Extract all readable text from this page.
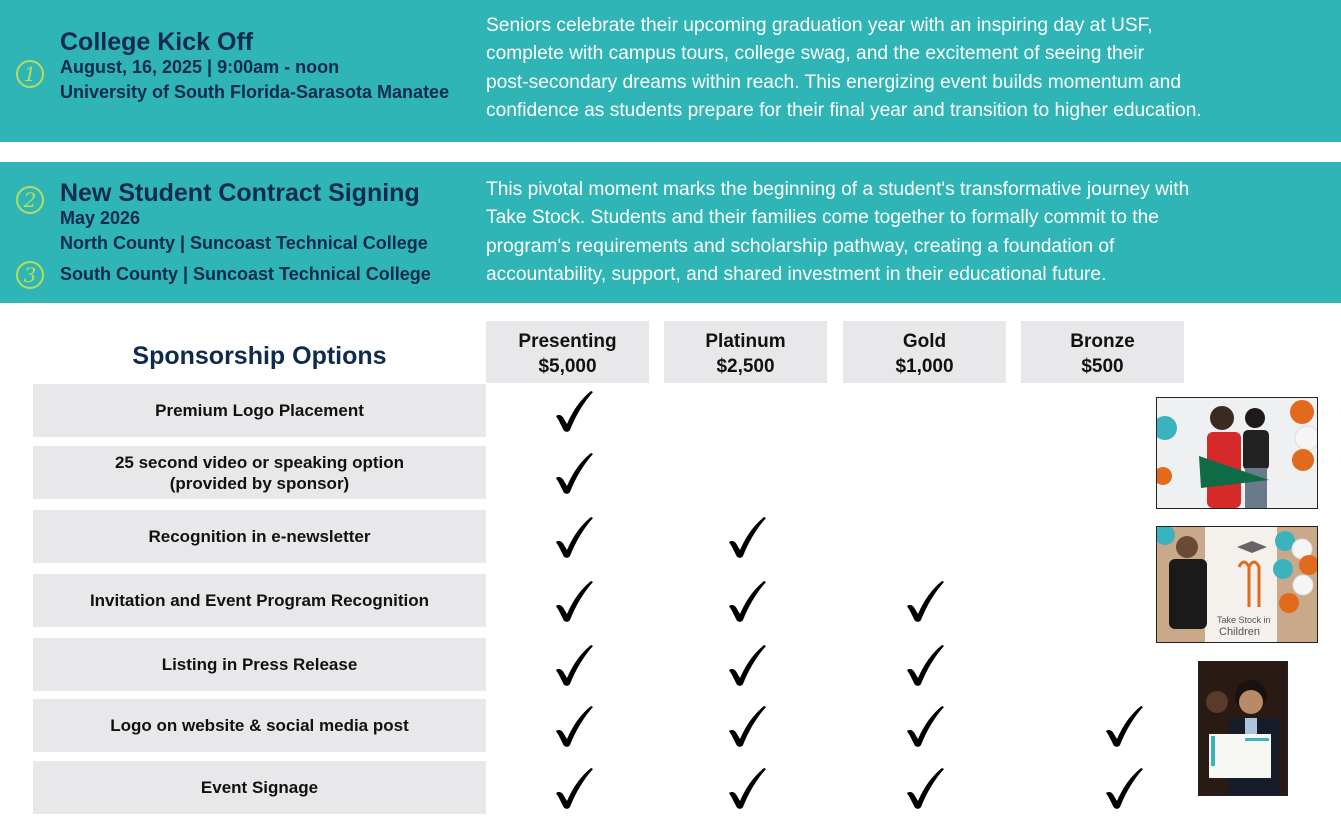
1
College Kick Off
August, 16, 2025 | 9:00am - noon
University of South Florida-Sarasota Manatee
Seniors celebrate their upcoming graduation year with an inspiring day at USF,
complete with campus tours, college swag, and the excitement of seeing their
post-secondary dreams within reach. This energizing event builds momentum and
confidence as students prepare for their final year and transition to higher education.
2
3
New Student Contract Signing
May 2026
North County | Suncoast Technical College
South County | Suncoast Technical College
This pivotal moment marks the beginning of a student's transformative journey with
Take Stock. Students and their families come together to formally commit to the
program's requirements and scholarship pathway, creating a foundation of
accountability, support, and shared investment in their educational future.
Sponsorship Options
Presenting
$5,000
Platinum
$2,500
Gold
$1,000
Bronze
$500
Premium Logo Placement
25 second video or speaking option
(provided by sponsor)
Recognition in e-newsletter
Invitation and Event Program Recognition
Listing in Press Release
Logo on website & social media post
Event Signage
Take Stock in
Children
